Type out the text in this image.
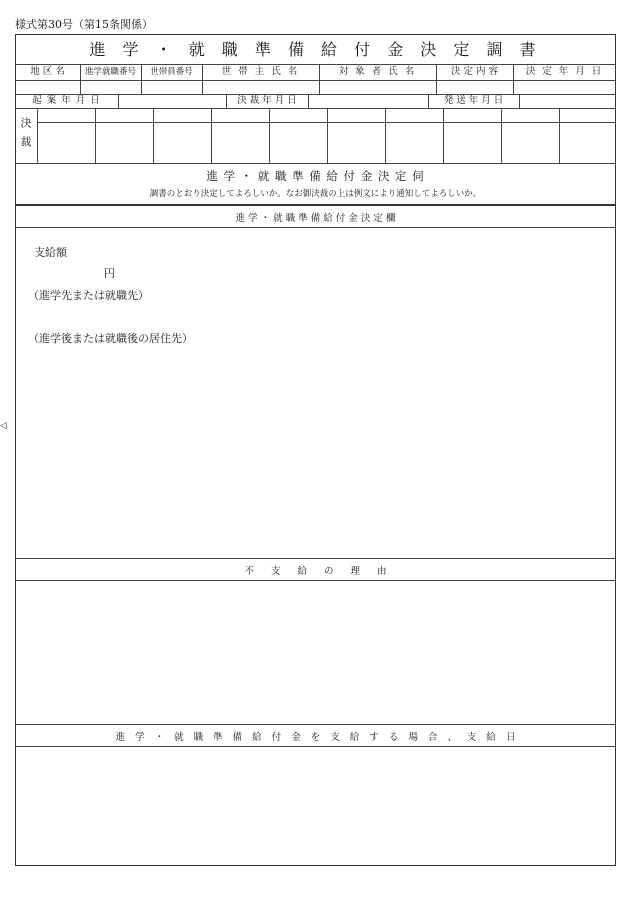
様式第30号（第15条関係）
進 学 ・ 就 職 準 備 給 付 金 決 定 調 書
地 区 名	進学就職番号	世帯員番号	世 帯 主 氏 名	対 象 者 氏 名	決 定 内 容	決 定 年 月 日
起 案 年 月 日	決 裁 年 月 日	発 送 年 月 日
決裁
進 学 ・ 就 職 準 備 給 付 金 決 定 伺
調書のとおり決定してよろしいか。なお御決裁の上は例文により通知してよろしいか。
進 学 ・ 就 職 準 備 給 付 金 決 定 欄
支給額
円
（進学先または就職先）
（進学後または就職後の居住先）
不 支 給 の 理 由
進 学 ・ 就 職 準 備 給 付 金 を 支 給 す る 場 合 、 支 給 日
◁
